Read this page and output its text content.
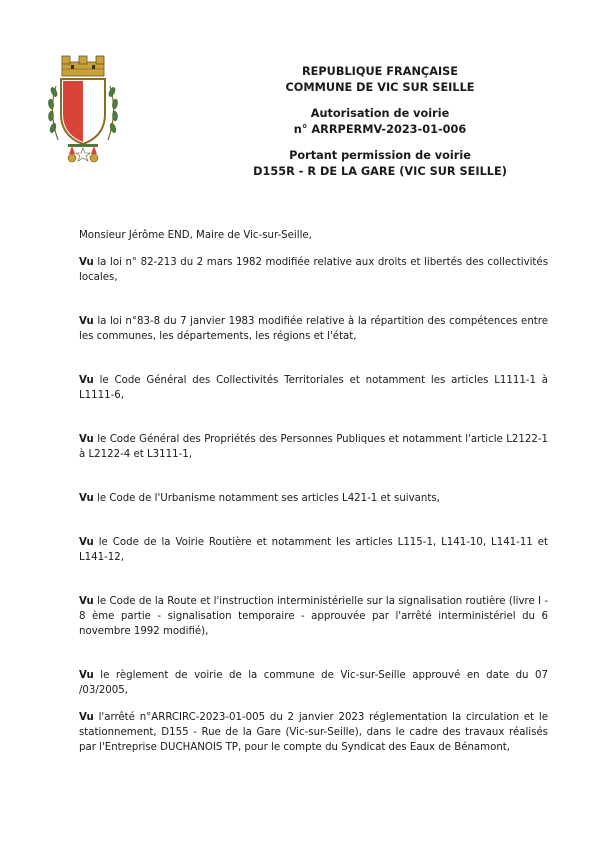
REPUBLIQUE FRANÇAISE
COMMUNE DE VIC SUR SEILLE
Autorisation de voirie
n° ARRPERMV-2023-01-006
Portant permission de voirie
D155R - R DE LA GARE (VIC SUR SEILLE)

Monsieur Jérôme END, Maire de Vic-sur-Seille,

Vu la loi n° 82-213 du 2 mars 1982 modifiée relative aux droits et libertés des collectivités locales,

Vu la loi n°83-8 du 7 janvier 1983 modifiée relative à la répartition des compétences entre les communes, les départements, les régions et l'état,

Vu le Code Général des Collectivités Territoriales et notamment les articles L1111-1 à L1111-6,

Vu le Code Général des Propriétés des Personnes Publiques et notamment l'article L2122-1 à L2122-4 et L3111-1,

Vu le Code de l'Urbanisme notamment ses articles L421-1 et suivants,

Vu le Code de la Voirie Routière et notamment les articles L115-1, L141-10, L141-11 et L141-12,

Vu le Code de la Route et l'instruction interministérielle sur la signalisation routière (livre I - 8 ème partie - signalisation temporaire - approuvée par l'arrêté interministériel du 6 novembre 1992 modifié),

Vu le règlement de voirie de la commune de Vic-sur-Seille approuvé en date du 07 /03/2005,

Vu l'arrêté n°ARRCIRC-2023-01-005 du 2 janvier 2023 réglementation la circulation et le stationnement, D155 - Rue de la Gare (Vic-sur-Seille), dans le cadre des travaux réalisés par l'Entreprise DUCHANOIS TP, pour le compte du Syndicat des Eaux de Bénamont,
